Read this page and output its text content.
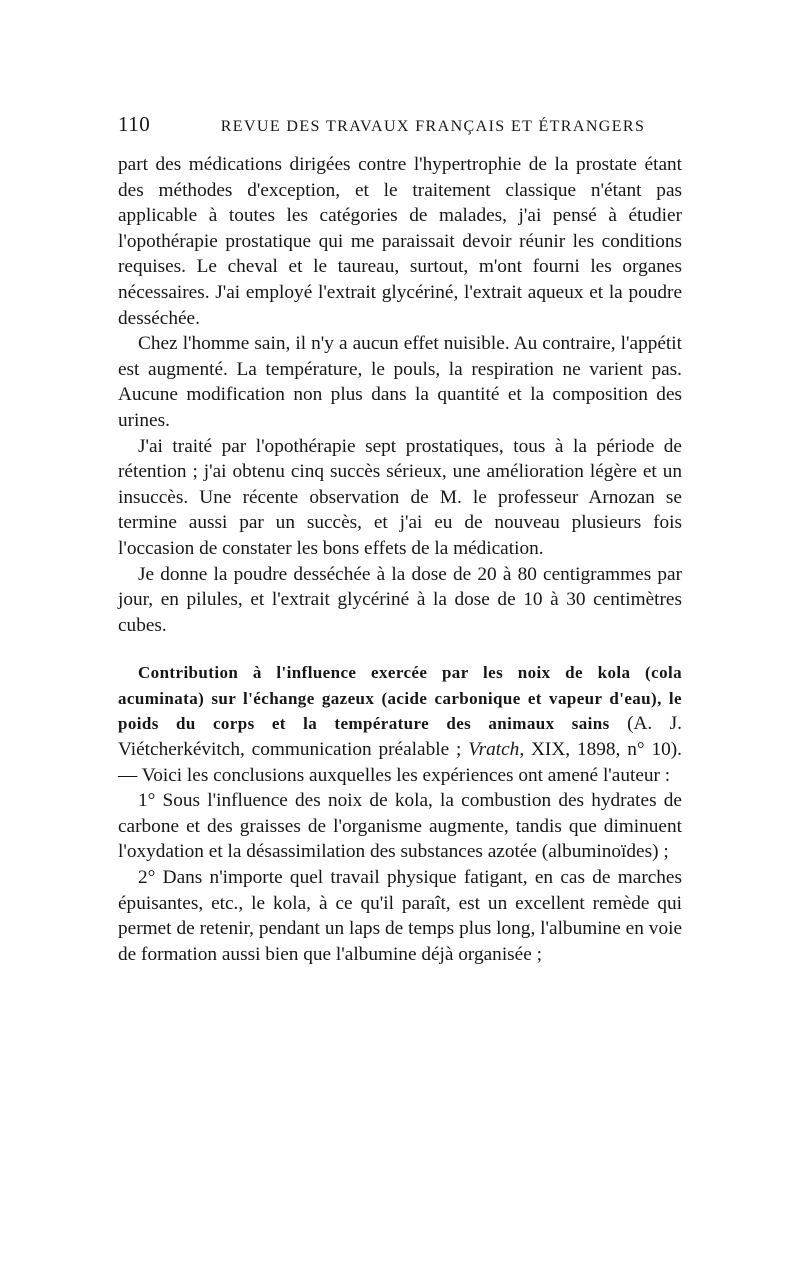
110	REVUE DES TRAVAUX FRANÇAIS ET ÉTRANGERS

part des médications dirigées contre l'hypertrophie de la prostate étant des méthodes d'exception, et le traitement classique n'étant pas applicable à toutes les catégories de malades, j'ai pensé à étudier l'opothérapie prostatique qui me paraissait devoir réunir les conditions requises. Le cheval et le taureau, surtout, m'ont fourni les organes nécessaires. J'ai employé l'extrait glycériné, l'extrait aqueux et la poudre desséchée.

Chez l'homme sain, il n'y a aucun effet nuisible. Au contraire, l'appétit est augmenté. La température, le pouls, la respiration ne varient pas. Aucune modification non plus dans la quantité et la composition des urines.

J'ai traité par l'opothérapie sept prostatiques, tous à la période de rétention ; j'ai obtenu cinq succès sérieux, une amélioration légère et un insuccès. Une récente observation de M. le professeur Arnozan se termine aussi par un succès, et j'ai eu de nouveau plusieurs fois l'occasion de constater les bons effets de la médication.

Je donne la poudre desséchée à la dose de 20 à 80 centigrammes par jour, en pilules, et l'extrait glycériné à la dose de 10 à 30 centimètres cubes.

Contribution à l'influence exercée par les noix de kola (cola acuminata) sur l'échange gazeux (acide carbonique et vapeur d'eau), le poids du corps et la température des animaux sains (A. J. Viétcherkévitch, communication préalable ; Vratch, XIX, 1898, n° 10). — Voici les conclusions auxquelles les expériences ont amené l'auteur :

1° Sous l'influence des noix de kola, la combustion des hydrates de carbone et des graisses de l'organisme augmente, tandis que diminuent l'oxydation et la désassimilation des substances azotée (albuminoïdes) ;

2° Dans n'importe quel travail physique fatigant, en cas de marches épuisantes, etc., le kola, à ce qu'il paraît, est un excellent remède qui permet de retenir, pendant un laps de temps plus long, l'albumine en voie de formation aussi bien que l'albumine déjà organisée ;
